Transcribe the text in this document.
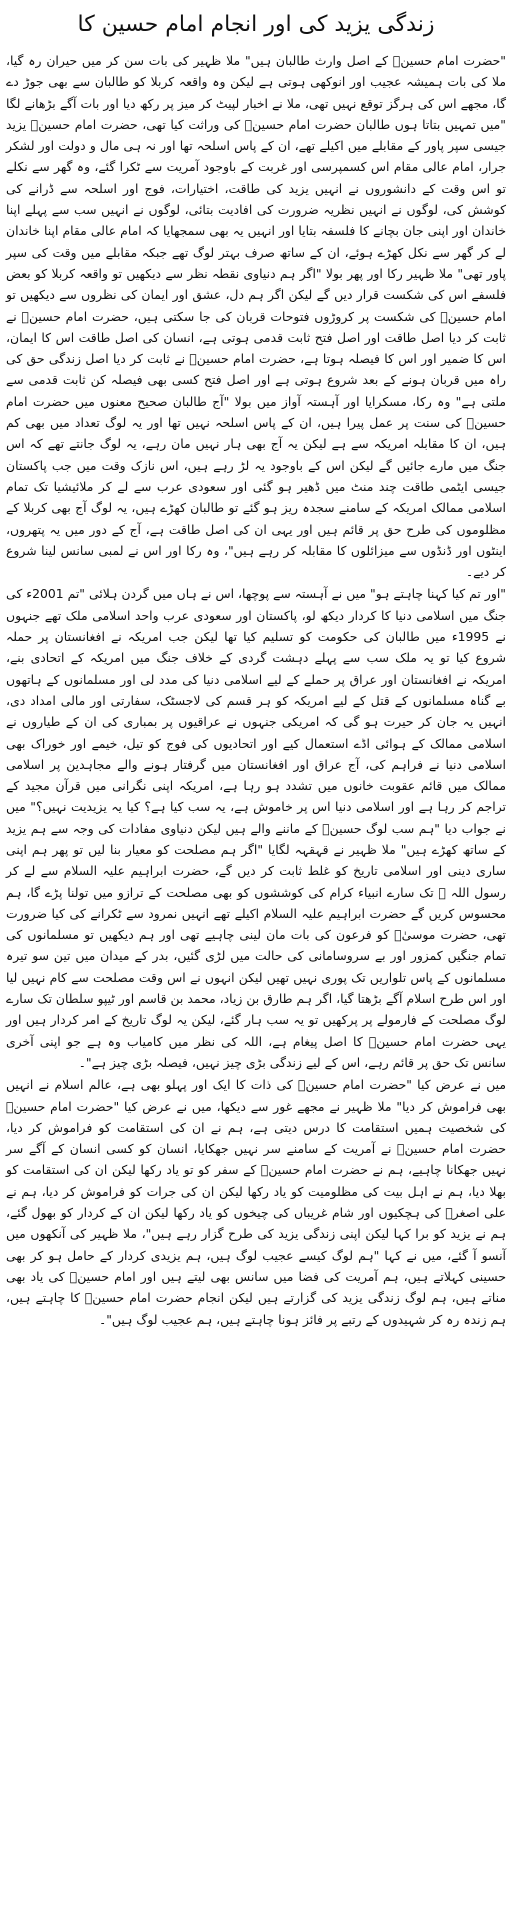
زندگی یزید کی اور انجام امام حسین کا

"حضرت امام حسینؓ کے اصل وارث طالبان ہیں" ملا ظہیر کی بات سن کر میں حیران رہ گیا، ملا کی بات ہمیشہ عجیب اور انوکھی ہوتی ہے لیکن وہ واقعہ کربلا کو طالبان سے بھی جوڑ دے گا، مجھے اس کی ہرگز توقع نہیں تھی، ملا نے اخبار لپیٹ کر میز پر رکھ دیا اور بات آگے بڑھانے لگا "میں تمہیں بتاتا ہوں طالبان حضرت امام حسینؓ کی وراثت کیا تھی، حضرت امام حسینؓ یزید جیسی سپر پاور کے مقابلے میں اکیلے تھے، ان کے پاس اسلحہ تھا اور نہ ہی مال و دولت اور لشکر جرار، امام عالی مقام اس کسمپرسی اور غربت کے باوجود آمریت سے ٹکرا گئے، وہ گھر سے نکلے تو اس وقت کے دانشوروں نے انہیں یزید کی طاقت، اختیارات، فوج اور اسلحہ سے ڈرانے کی کوشش کی، لوگوں نے انہیں نظریہ ضرورت کی افادیت بتائی، لوگوں نے انہیں سب سے پہلے اپنا خاندان اور اپنی جان بچانے کا فلسفہ بتایا اور انہیں یہ بھی سمجھایا کہ امام عالی مقام اپنا خاندان لے کر گھر سے نکل کھڑے ہوئے، ان کے ساتھ صرف بہتر لوگ تھے جبکہ مقابلے میں وقت کی سپر پاور تھی" ملا ظہیر رکا اور پھر بولا "اگر ہم دنیاوی نقطہ نظر سے دیکھیں تو واقعہ کربلا کو بعض فلسفے اس کی شکست قرار دیں گے لیکن اگر ہم دل، عشق اور ایمان کی نظروں سے دیکھیں تو امام حسینؓ کی شکست پر کروڑوں فتوحات قربان کی جا سکتی ہیں، حضرت امام حسینؓ نے ثابت کر دیا اصل طاقت اور اصل فتح ثابت قدمی ہوتی ہے، انسان کی اصل طاقت اس کا ایمان، اس کا ضمیر اور اس کا فیصلہ ہوتا ہے، حضرت امام حسینؓ نے ثابت کر دیا اصل زندگی حق کی راہ میں قربان ہونے کے بعد شروع ہوتی ہے اور اصل فتح کسی بھی فیصلہ کن ثابت قدمی سے ملتی ہے" وہ رکا، مسکرایا اور آہستہ آواز میں بولا "آج طالبان صحیح معنوں میں حضرت امام حسینؓ کی سنت پر عمل پیرا ہیں، ان کے پاس اسلحہ نہیں تھا اور یہ لوگ تعداد میں بھی کم ہیں، ان کا مقابلہ امریکہ سے ہے لیکن یہ آج بھی ہار نہیں مان رہے، یہ لوگ جانتے تھے کہ اس جنگ میں مارے جائیں گے لیکن اس کے باوجود یہ لڑ رہے ہیں، اس نازک وقت میں جب پاکستان جیسی ایٹمی طاقت چند منٹ میں ڈھیر ہو گئی اور سعودی عرب سے لے کر ملائیشیا تک تمام اسلامی ممالک امریکہ کے سامنے سجدہ ریز ہو گئے تو طالبان کھڑے ہیں، یہ لوگ آج بھی کربلا کے مظلوموں کی طرح حق پر قائم ہیں اور یہی ان کی اصل طاقت ہے، آج کے دور میں یہ پتھروں، اینٹوں اور ڈنڈوں سے میزائلوں کا مقابلہ کر رہے ہیں"، وہ رکا اور اس نے لمبی سانس لینا شروع کر دیے۔

"اور تم کیا کہنا چاہتے ہو" میں نے آہستہ سے پوچھا، اس نے ہاں میں گردن ہلائی "تم 2001ء کی جنگ میں اسلامی دنیا کا کردار دیکھ لو، پاکستان اور سعودی عرب واحد اسلامی ملک تھے جنہوں نے 1995ء میں طالبان کی حکومت کو تسلیم کیا تھا لیکن جب امریکہ نے افغانستان پر حملہ شروع کیا تو یہ ملک سب سے پہلے دہشت گردی کے خلاف جنگ میں امریکہ کے اتحادی بنے، امریکہ نے افغانستان اور عراق پر حملے کے لیے اسلامی دنیا کی مدد لی اور مسلمانوں کے ہاتھوں بے گناہ مسلمانوں کے قتل کے لیے امریکہ کو ہر قسم کی لاجسٹک، سفارتی اور مالی امداد دی، انہیں یہ جان کر حیرت ہو گی کہ امریکی جنہوں نے عراقیوں پر بمباری کی ان کے طیاروں نے اسلامی ممالک کے ہوائی اڈے استعمال کیے اور اتحادیوں کی فوج کو تیل، خیمے اور خوراک بھی اسلامی دنیا نے فراہم کی، آج عراق اور افغانستان میں گرفتار ہونے والے مجاہدین پر اسلامی ممالک میں قائم عقوبت خانوں میں تشدد ہو رہا ہے، امریکہ اپنی نگرانی میں قرآن مجید کے تراجم کر رہا ہے اور اسلامی دنیا اس پر خاموش ہے، یہ سب کیا ہے؟ کیا یہ یزیدیت نہیں؟" میں نے جواب دیا "ہم سب لوگ حسینؓ کے ماننے والے ہیں لیکن دنیاوی مفادات کی وجہ سے ہم یزید کے ساتھ کھڑے ہیں" ملا ظہیر نے قہقہہ لگایا "اگر ہم مصلحت کو معیار بنا لیں تو پھر ہم اپنی ساری دینی اور اسلامی تاریخ کو غلط ثابت کر دیں گے، حضرت ابراہیم علیہ السلام سے لے کر رسول اللہ ﷺ تک سارے انبیاء کرام کی کوششوں کو بھی مصلحت کے ترازو میں تولنا پڑے گا، ہم محسوس کریں گے حضرت ابراہیم علیہ السلام اکیلے تھے انہیں نمرود سے ٹکرانے کی کیا ضرورت تھی، حضرت موسیٰؑ کو فرعون کی بات مان لینی چاہیے تھی اور ہم دیکھیں تو مسلمانوں کی تمام جنگیں کمزور اور بے سروسامانی کی حالت میں لڑی گئیں، بدر کے میدان میں تین سو تیرہ مسلمانوں کے پاس تلواریں تک پوری نہیں تھیں لیکن انہوں نے اس وقت مصلحت سے کام نہیں لیا اور اس طرح اسلام آگے بڑھتا گیا، اگر ہم طارق بن زیاد، محمد بن قاسم اور ٹیپو سلطان تک سارے لوگ مصلحت کے فارمولے پر پرکھیں تو یہ سب ہار گئے، لیکن یہ لوگ تاریخ کے امر کردار ہیں اور یہی حضرت امام حسینؓ کا اصل پیغام ہے، اللہ کی نظر میں کامیاب وہ ہے جو اپنی آخری سانس تک حق پر قائم رہے، اس کے لیے زندگی بڑی چیز نہیں، فیصلہ بڑی چیز ہے"۔

میں نے عرض کیا "حضرت امام حسینؓ کی ذات کا ایک اور پہلو بھی ہے، عالم اسلام نے انہیں بھی فراموش کر دیا" ملا ظہیر نے مجھے غور سے دیکھا، میں نے عرض کیا "حضرت امام حسینؓ کی شخصیت ہمیں استقامت کا درس دیتی ہے، ہم نے ان کی استقامت کو فراموش کر دیا، حضرت امام حسینؓ نے آمریت کے سامنے سر نہیں جھکایا، انسان کو کسی انسان کے آگے سر نہیں جھکانا چاہیے، ہم نے حضرت امام حسینؓ کے سفر کو تو یاد رکھا لیکن ان کی استقامت کو بھلا دیا، ہم نے اہل بیت کی مظلومیت کو یاد رکھا لیکن ان کی جرات کو فراموش کر دیا، ہم نے علی اصغرؓ کی ہچکیوں اور شام غریباں کی چیخوں کو یاد رکھا لیکن ان کے کردار کو بھول گئے، ہم نے یزید کو برا کہا لیکن اپنی زندگی یزید کی طرح گزار رہے ہیں"، ملا ظہیر کی آنکھوں میں آنسو آ گئے، میں نے کہا "ہم لوگ کیسے عجیب لوگ ہیں، ہم یزیدی کردار کے حامل ہو کر بھی حسینی کہلاتے ہیں، ہم آمریت کی فضا میں سانس بھی لیتے ہیں اور امام حسینؓ کی یاد بھی مناتے ہیں، ہم لوگ زندگی یزید کی گزارتے ہیں لیکن انجام حضرت امام حسینؓ کا چاہتے ہیں، ہم زندہ رہ کر شہیدوں کے رتبے پر فائز ہونا چاہتے ہیں، ہم عجیب لوگ ہیں"۔
